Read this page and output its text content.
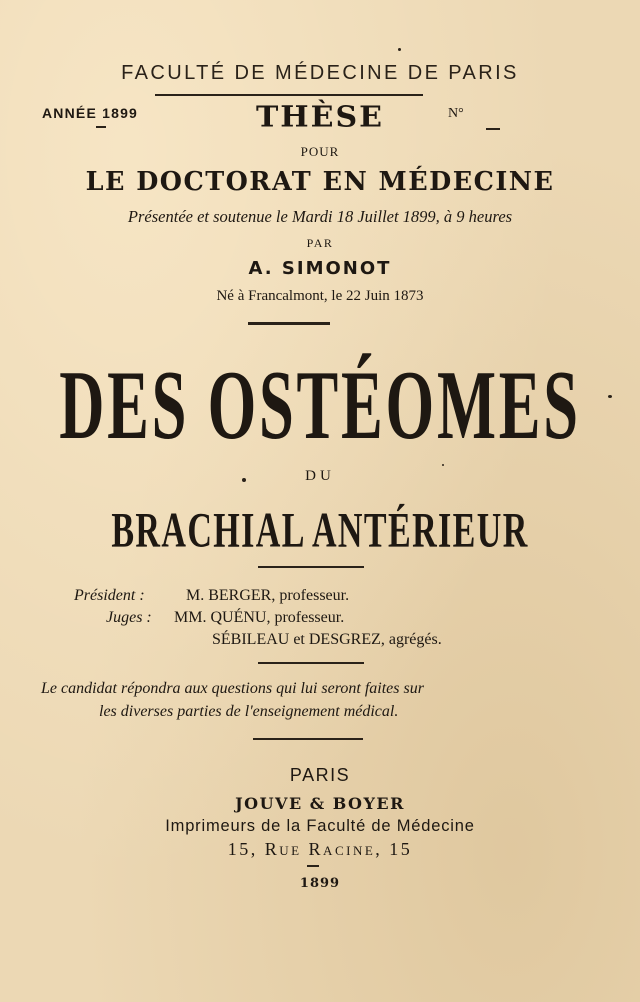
FACULTÉ DE MÉDECINE DE PARIS
ANNÉE 1899	THÈSE	N°
POUR
LE DOCTORAT EN MÉDECINE
Présentée et soutenue le Mardi 18 Juillet 1899, à 9 heures
PAR
A. SIMONOT
Né à Francalmont, le 22 Juin 1873
DES OSTÉOMES
DU
BRACHIAL ANTÉRIEUR
Président :	M. BERGER, professeur.
Juges : MM. QUÉNU, professeur.
SÉBILEAU et DESGREZ, agrégés.
Le candidat répondra aux questions qui lui seront faites sur
les diverses parties de l'enseignement médical.
PARIS
JOUVE & BOYER
Imprimeurs de la Faculté de Médecine
15, Rue Racine, 15
1899
